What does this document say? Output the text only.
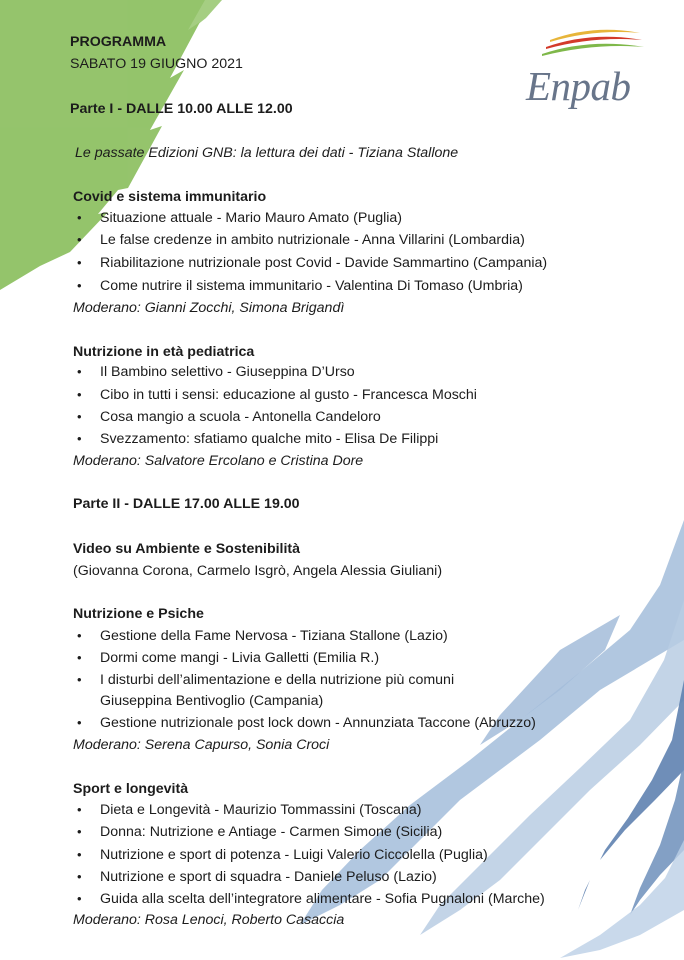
Enpab
PROGRAMMA
SABATO 19 GIUGNO 2021
Parte I - DALLE 10.00 ALLE 12.00
Le passate Edizioni GNB: la lettura dei dati - Tiziana Stallone
Covid e sistema immunitario
• Situazione attuale - Mario Mauro Amato (Puglia)
• Le false credenze in ambito nutrizionale - Anna Villarini (Lombardia)
• Riabilitazione nutrizionale post Covid - Davide Sammartino (Campania)
• Come nutrire il sistema immunitario - Valentina Di Tomaso (Umbria)
Moderano: Gianni Zocchi, Simona Brigandì
Nutrizione in età pediatrica
• Il Bambino selettivo - Giuseppina D’Urso
• Cibo in tutti i sensi: educazione al gusto - Francesca Moschi
• Cosa mangio a scuola - Antonella Candeloro
• Svezzamento: sfatiamo qualche mito - Elisa De Filippi
Moderano: Salvatore Ercolano e Cristina Dore
Parte II - DALLE 17.00 ALLE 19.00
Video su Ambiente e Sostenibilità
(Giovanna Corona, Carmelo Isgrò, Angela Alessia Giuliani)
Nutrizione e Psiche
• Gestione della Fame Nervosa - Tiziana Stallone (Lazio)
• Dormi come mangi - Livia Galletti (Emilia R.)
• I disturbi dell’alimentazione e della nutrizione più comuni
Giuseppina Bentivoglio (Campania)
• Gestione nutrizionale post lock down - Annunziata Taccone (Abruzzo)
Moderano: Serena Capurso, Sonia Croci
Sport e longevità
• Dieta e Longevità - Maurizio Tommassini (Toscana)
• Donna: Nutrizione e Antiage - Carmen Simone (Sicilia)
• Nutrizione e sport di potenza - Luigi Valerio Ciccolella (Puglia)
• Nutrizione e sport di squadra - Daniele Peluso (Lazio)
• Guida alla scelta dell’integratore alimentare - Sofia Pugnaloni (Marche)
Moderano: Rosa Lenoci, Roberto Casaccia
